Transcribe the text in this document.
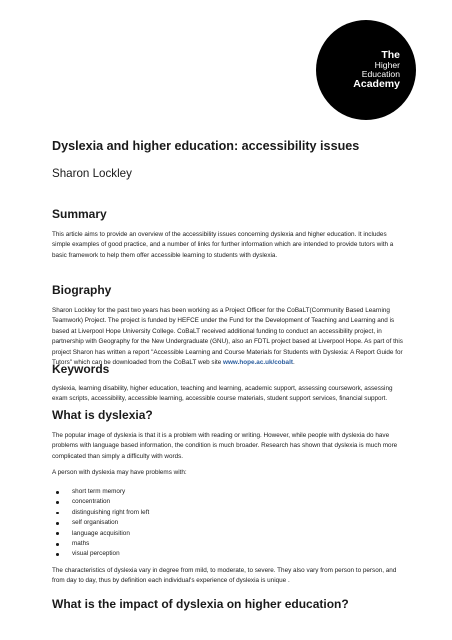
The
Higher
Education
Academy
Dyslexia and higher education: accessibility issues
Sharon Lockley
Summary

This article aims to provide an overview of the accessibility issues concerning dyslexia and higher education. It includes simple examples of good practice, and a number of links for further information which are intended to provide tutors with a basic framework to help them offer accessible learning to students with dyslexia.

Biography

Sharon Lockley for the past two years has been working as a Project Officer for the CoBaLT(Community Based Learning Teamwork) Project. The project is funded by HEFCE under the Fund for the Development of Teaching and Learning and is based at Liverpool Hope University College. CoBaLT received additional funding to conduct an accessibility project, in partnership with Geography for the New Undergraduate (GNU), also an FDTL project based at Liverpool Hope. As part of this project Sharon has written a report "Accessible Learning and Course Materials for Students with Dyslexia: A Report Guide for Tutors" which can be downloaded from the CoBaLT web site www.hope.ac.uk/cobalt.

Keywords

dyslexia, learning disability, higher education, teaching and learning, academic support, assessing coursework, assessing exam scripts, accessibility, accessible learning, accessible course materials, student support services, financial support.

What is dyslexia?

The popular image of dyslexia is that it is a problem with reading or writing. However, while people with dyslexia do have problems with language based information, the condition is much broader. Research has shown that dyslexia is much more complicated than simply a difficulty with words.

A person with dyslexia may have problems with:

short term memory
concentration
distinguishing right from left
self organisation
language acquisition
maths
visual perception

The characteristics of dyslexia vary in degree from mild, to moderate, to severe. They also vary from person to person, and from day to day, thus by definition each individual's experience of dyslexia is unique .

What is the impact of dyslexia on higher education?
